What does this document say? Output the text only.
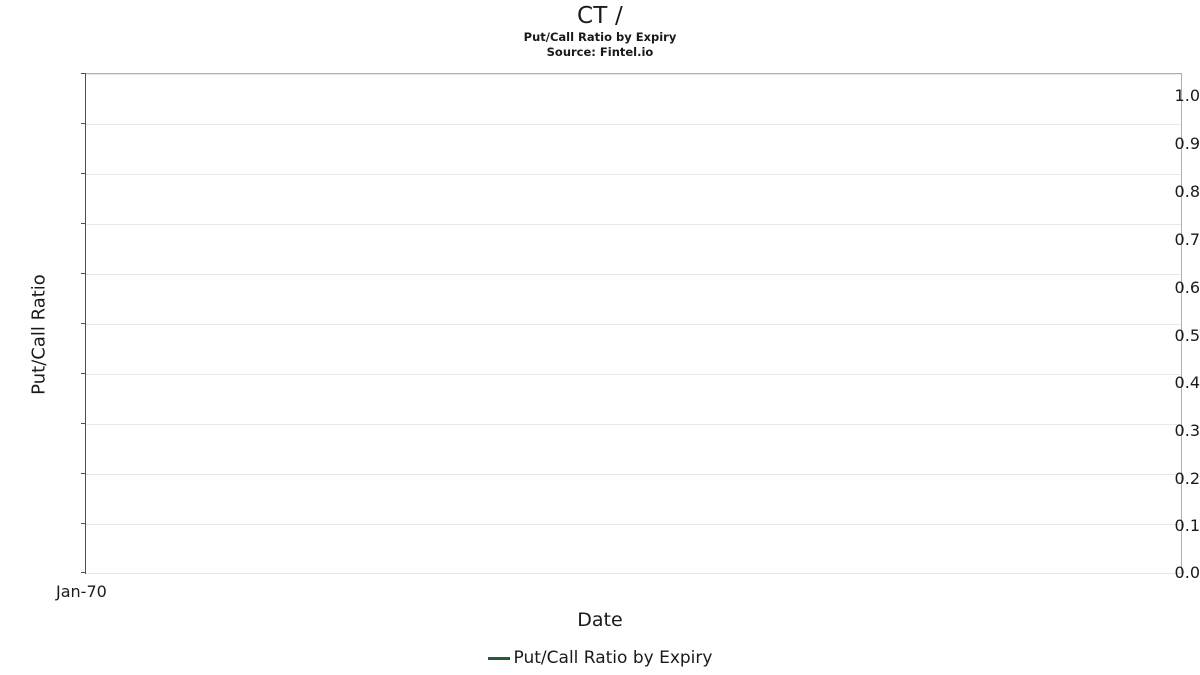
CT /
Put/Call Ratio by Expiry
Source: Fintel.io
1.0
0.9
0.8
0.7
0.6
0.5
0.4
0.3
0.2
0.1
0.0
Put/Call Ratio
Jan-70
Date
Put/Call Ratio by Expiry
